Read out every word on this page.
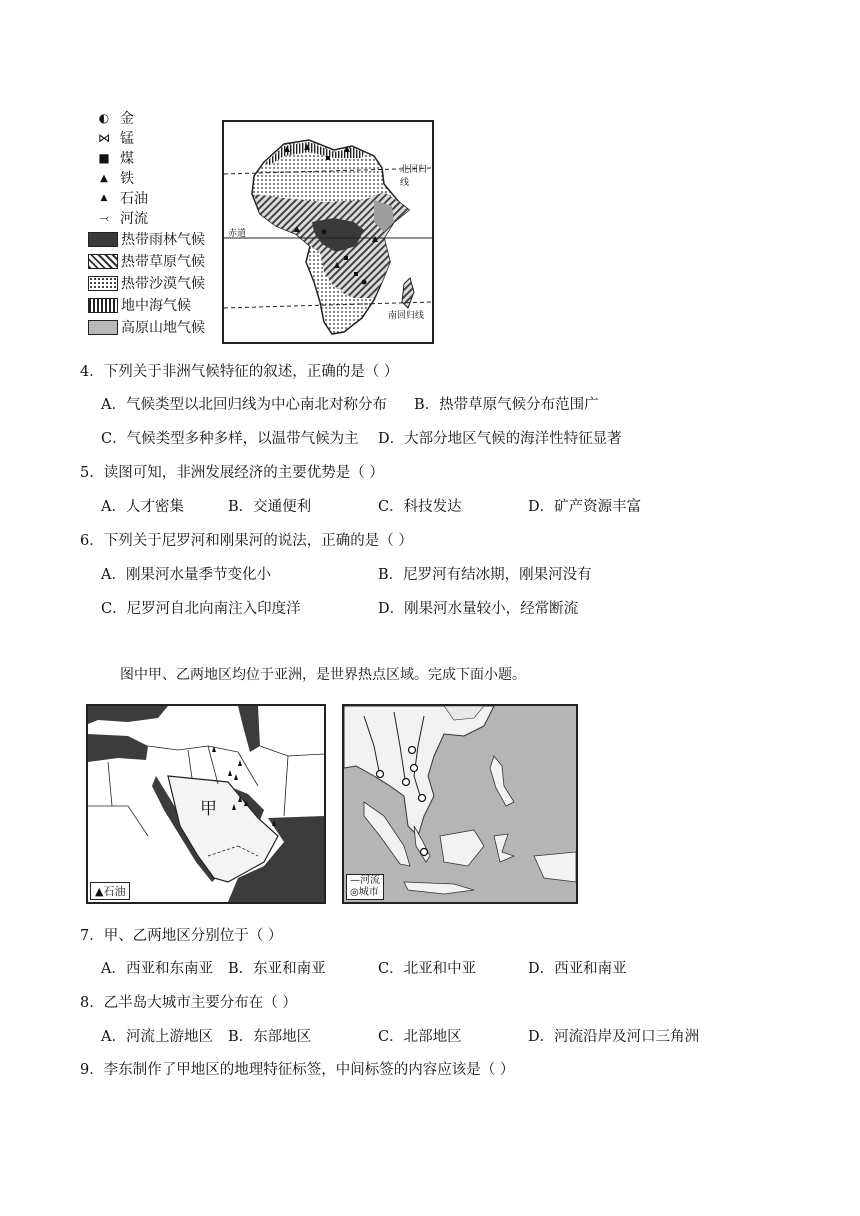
◐ 金
⋈ 锰
■ 煤
▲ 铁
▲ 石油
⤙ 河流
热带雨林气候
热带草原气候
热带沙漠气候
地中海气候
高原山地气候
北回归线
赤道
南回归线
4．下列关于非洲气候特征的叙述，正确的是（ ）
A．气候类型以北回归线为中心南北对称分布 B．热带草原气候分布范围广
C．气候类型多种多样，以温带气候为主 D．大部分地区气候的海洋性特征显著
5．读图可知，非洲发展经济的主要优势是（ ）
A．人才密集	B．交通便利	C．科技发达	D．矿产资源丰富
6．下列关于尼罗河和刚果河的说法，正确的是（ ）
A．刚果河水量季节变化小	B．尼罗河有结冰期，刚果河没有
C．尼罗河自北向南注入印度洋	D．刚果河水量较小，经常断流
图中甲、乙两地区均位于亚洲，是世界热点区域。完成下面小题。
甲
▲石油
—河流
◎城市
7．甲、乙两地区分别位于（ ）
A．西亚和东南亚 B．东亚和南亚	C．北亚和中亚	D．西亚和南亚
8．乙半岛大城市主要分布在（ ）
A．河流上游地区 B．东部地区	C．北部地区	D．河流沿岸及河口三角洲
9．李东制作了甲地区的地理特征标签，中间标签的内容应该是（ ）
